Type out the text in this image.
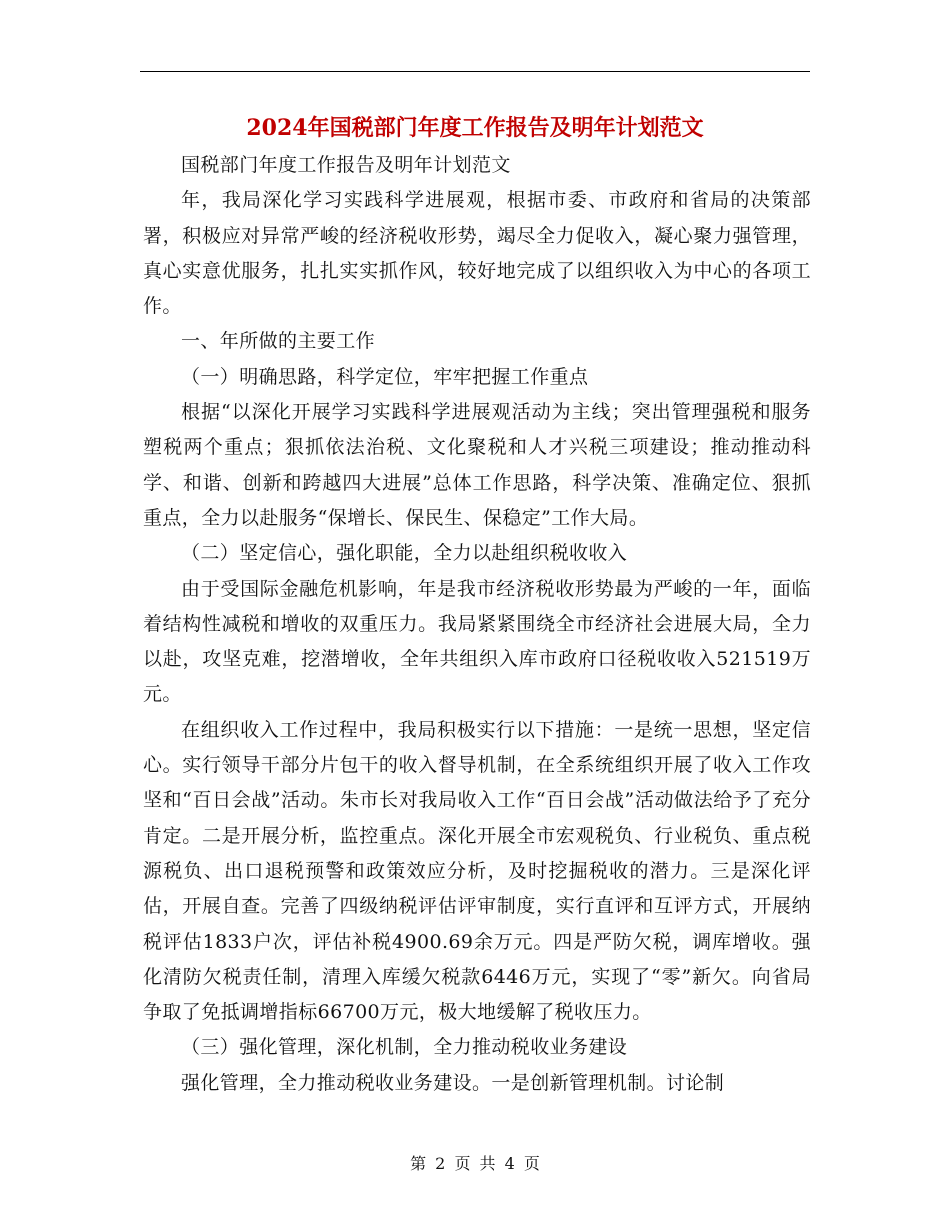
2024年国税部门年度工作报告及明年计划范文

国税部门年度工作报告及明年计划范文

年，我局深化学习实践科学进展观，根据市委、市政府和省局的决策部署，积极应对异常严峻的经济税收形势，竭尽全力促收入，凝心聚力强管理，真心实意优服务，扎扎实实抓作风，较好地完成了以组织收入为中心的各项工作。

一、年所做的主要工作

（一）明确思路，科学定位，牢牢把握工作重点

根据“以深化开展学习实践科学进展观活动为主线；突出管理强税和服务塑税两个重点；狠抓依法治税、文化聚税和人才兴税三项建设；推动推动科学、和谐、创新和跨越四大进展”总体工作思路，科学决策、准确定位、狠抓重点，全力以赴服务“保增长、保民生、保稳定”工作大局。

（二）坚定信心，强化职能，全力以赴组织税收收入

由于受国际金融危机影响，年是我市经济税收形势最为严峻的一年，面临着结构性减税和增收的双重压力。我局紧紧围绕全市经济社会进展大局，全力以赴，攻坚克难，挖潜增收，全年共组织入库市政府口径税收收入521519万元。

在组织收入工作过程中，我局积极实行以下措施：一是统一思想，坚定信心。实行领导干部分片包干的收入督导机制，在全系统组织开展了收入工作攻坚和“百日会战”活动。朱市长对我局收入工作“百日会战”活动做法给予了充分肯定。二是开展分析，监控重点。深化开展全市宏观税负、行业税负、重点税源税负、出口退税预警和政策效应分析，及时挖掘税收的潜力。三是深化评估，开展自查。完善了四级纳税评估评审制度，实行直评和互评方式，开展纳税评估1833户次，评估补税4900.69余万元。四是严防欠税，调库增收。强化清防欠税责任制，清理入库缓欠税款6446万元，实现了“零”新欠。向省局争取了免抵调增指标66700万元，极大地缓解了税收压力。

（三）强化管理，深化机制，全力推动税收业务建设

强化管理，全力推动税收业务建设。一是创新管理机制。讨论制

第 2 页 共 4 页
